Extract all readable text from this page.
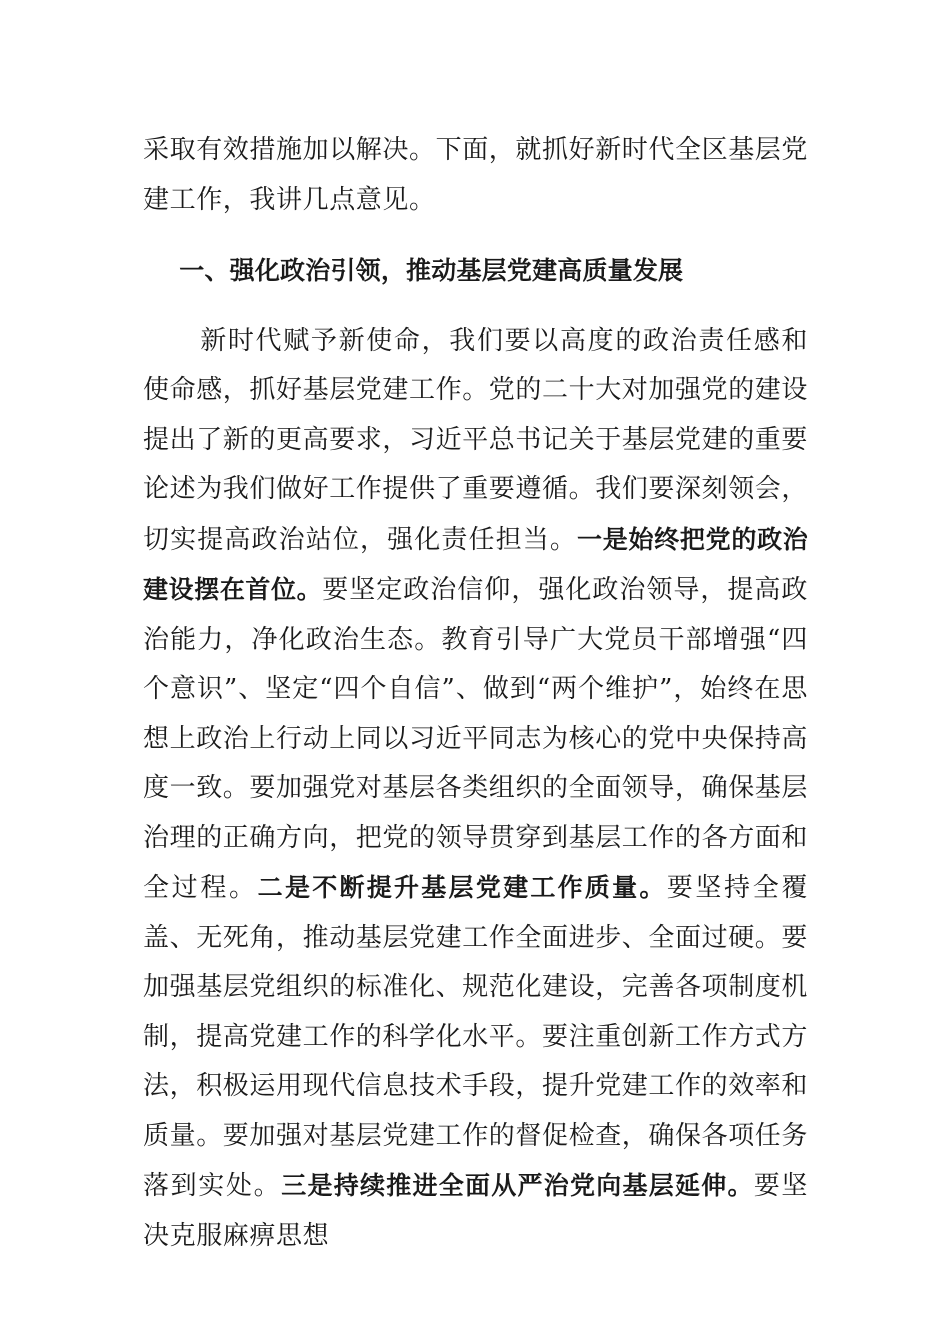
采取有效措施加以解决。下面，就抓好新时代全区基层党建工作，我讲几点意见。

一、强化政治引领，推动基层党建高质量发展

新时代赋予新使命，我们要以高度的政治责任感和使命感，抓好基层党建工作。党的二十大对加强党的建设提出了新的更高要求，习近平总书记关于基层党建的重要论述为我们做好工作提供了重要遵循。我们要深刻领会，切实提高政治站位，强化责任担当。一是始终把党的政治建设摆在首位。要坚定政治信仰，强化政治领导，提高政治能力，净化政治生态。教育引导广大党员干部增强“四个意识”、坚定“四个自信”、做到“两个维护”，始终在思想上政治上行动上同以习近平同志为核心的党中央保持高度一致。要加强党对基层各类组织的全面领导，确保基层治理的正确方向，把党的领导贯穿到基层工作的各方面和全过程。二是不断提升基层党建工作质量。要坚持全覆盖、无死角，推动基层党建工作全面进步、全面过硬。要加强基层党组织的标准化、规范化建设，完善各项制度机制，提高党建工作的科学化水平。要注重创新工作方式方法，积极运用现代信息技术手段，提升党建工作的效率和质量。要加强对基层党建工作的督促检查，确保各项任务落到实处。三是持续推进全面从严治党向基层延伸。要坚决克服麻痹思想
